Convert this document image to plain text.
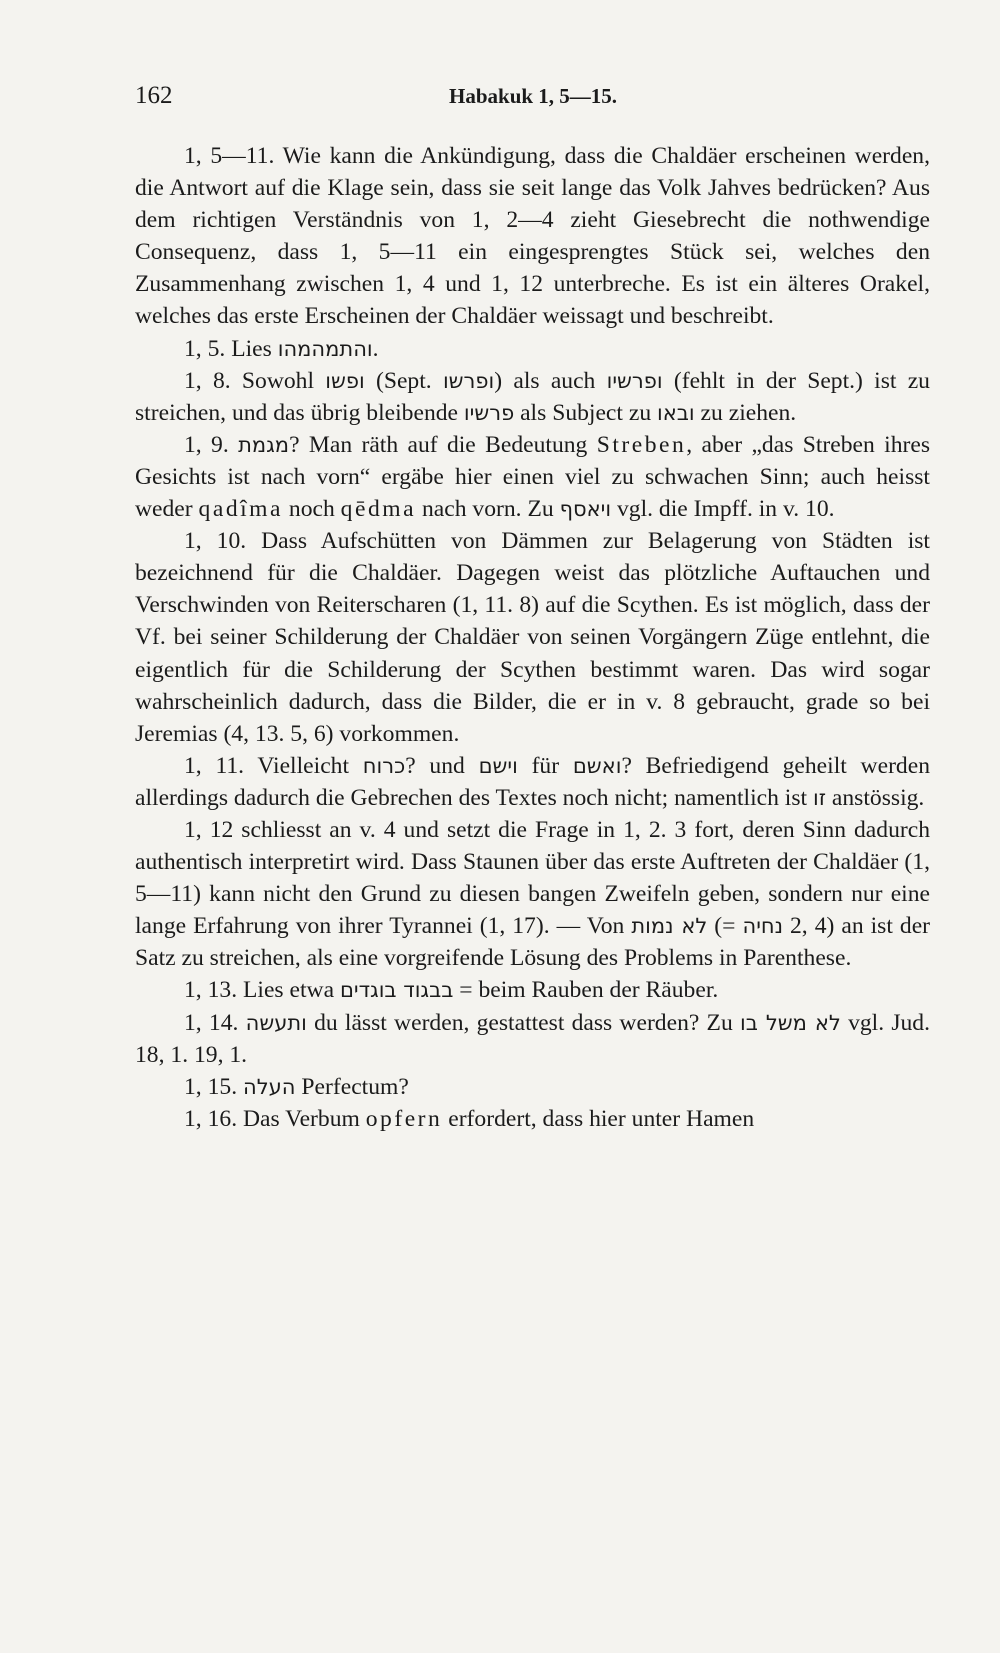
162	Habakuk 1, 5—15.

1, 5—11. Wie kann die Ankündigung, dass die Chaldäer erscheinen werden, die Antwort auf die Klage sein, dass sie seit lange das Volk Jahves bedrücken? Aus dem richtigen Verständnis von 1, 2—4 zieht Giesebrecht die nothwendige Consequenz, dass 1, 5—11 ein eingesprengtes Stück sei, welches den Zusammenhang zwischen 1, 4 und 1, 12 unterbreche. Es ist ein älteres Orakel, welches das erste Erscheinen der Chaldäer weissagt und beschreibt.

1, 5. Lies והתמהמהו.

1, 8. Sowohl ופשו (Sept. ופרשו) als auch ופרשיו (fehlt in der Sept.) ist zu streichen, und das übrig bleibende פרשיו als Subject zu ובאו zu ziehen.

1, 9. מגמת? Man räth auf die Bedeutung Streben, aber „das Streben ihres Gesichts ist nach vorn“ ergäbe hier einen viel zu schwachen Sinn; auch heisst weder qadîma noch qēdma nach vorn. Zu ויאסף vgl. die Impff. in v. 10.

1, 10. Dass Aufschütten von Dämmen zur Belagerung von Städten ist bezeichnend für die Chaldäer. Dagegen weist das plötzliche Auftauchen und Verschwinden von Reiterscharen (1, 11. 8) auf die Scythen. Es ist möglich, dass der Vf. bei seiner Schilderung der Chaldäer von seinen Vorgängern Züge entlehnt, die eigentlich für die Schilderung der Scythen bestimmt waren. Das wird sogar wahrscheinlich dadurch, dass die Bilder, die er in v. 8 gebraucht, grade so bei Jeremias (4, 13. 5, 6) vorkommen.

1, 11. Vielleicht כרוח? und וישם für ואשם? Befriedigend geheilt werden allerdings dadurch die Gebrechen des Textes noch nicht; namentlich ist זו anstössig.

1, 12 schliesst an v. 4 und setzt die Frage in 1, 2. 3 fort, deren Sinn dadurch authentisch interpretirt wird. Dass Staunen über das erste Auftreten der Chaldäer (1, 5—11) kann nicht den Grund zu diesen bangen Zweifeln geben, sondern nur eine lange Erfahrung von ihrer Tyrannei (1, 17). — Von לא נמות (= נחיה 2, 4) an ist der Satz zu streichen, als eine vorgreifende Lösung des Problems in Parenthese.

1, 13. Lies etwa בבגוד בוגדים = beim Rauben der Räuber.

1, 14. ותעשה du lässt werden, gestattest dass werden? Zu לא משל בו vgl. Jud. 18, 1. 19, 1.

1, 15. העלה Perfectum?

1, 16. Das Verbum opfern erfordert, dass hier unter Hamen
